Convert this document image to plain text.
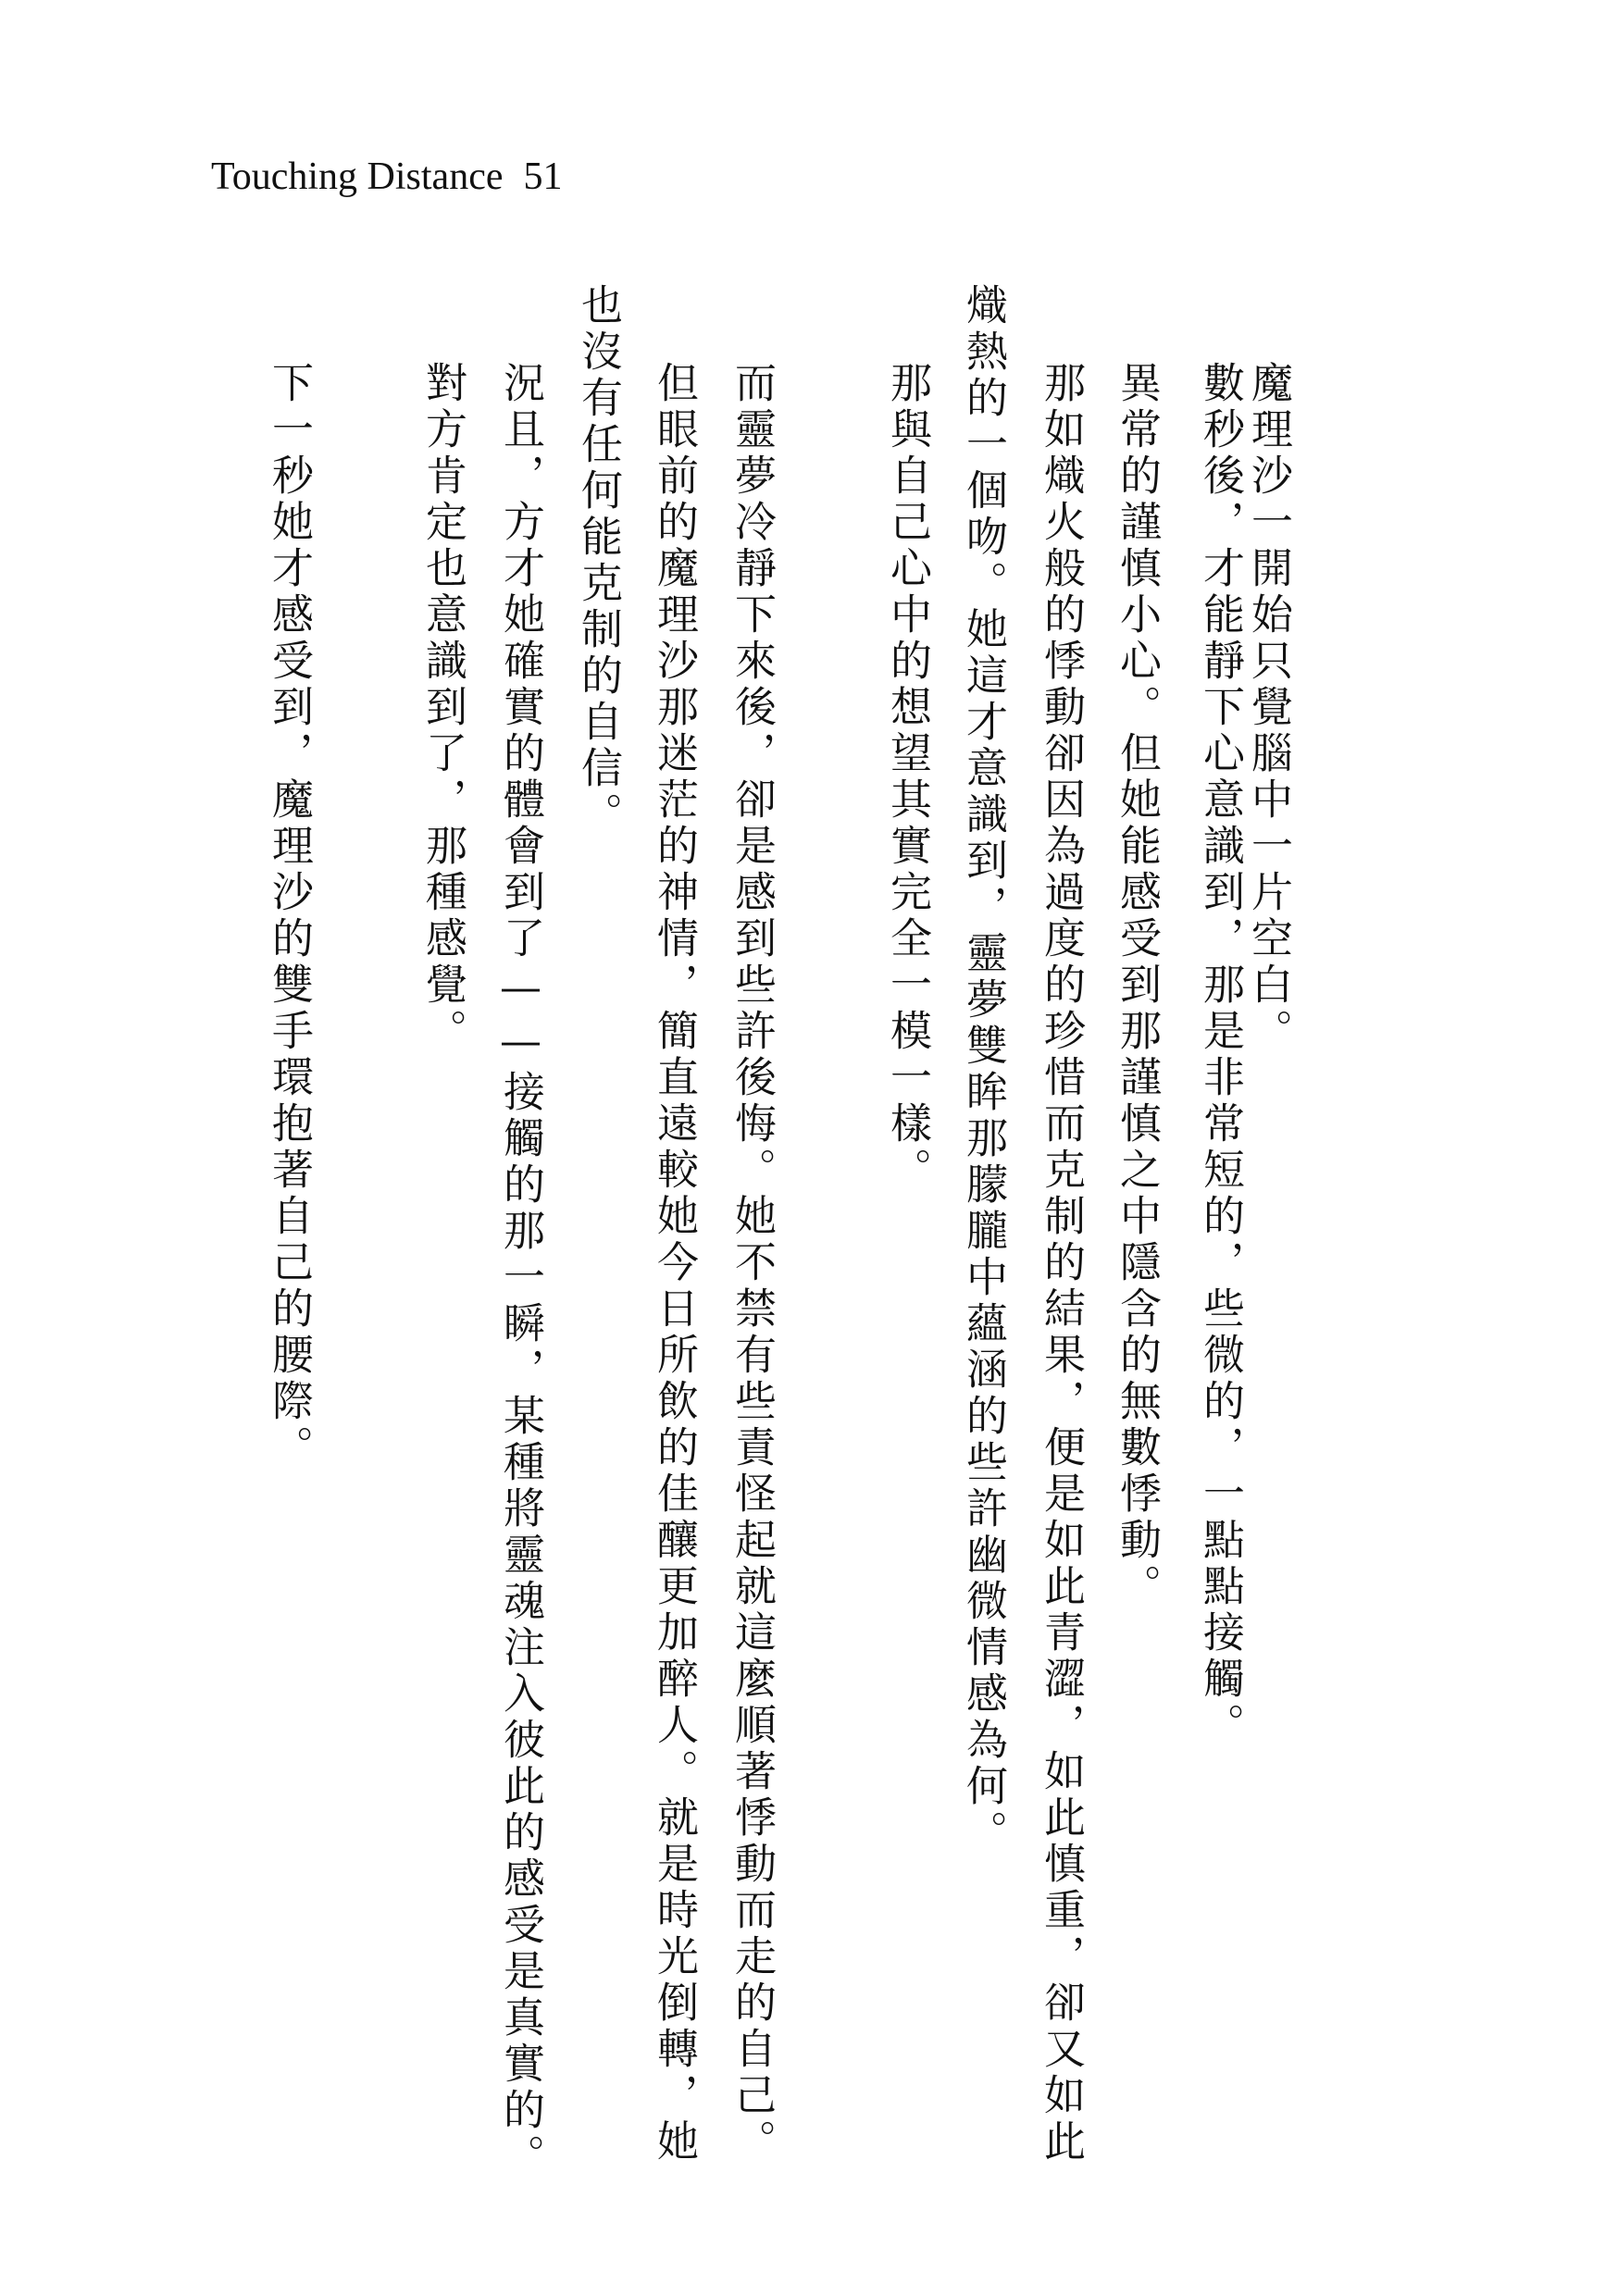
Touching Distance 51
魔理沙一開始只覺腦中一片空白。
數秒後，才能靜下心意識到，那是非常短的，些微的，一點點接觸。
異常的謹慎小心。但她能感受到那謹慎之中隱含的無數悸動。
那如熾火般的悸動卻因為過度的珍惜而克制的結果，便是如此青澀，如此慎重，卻又如此
熾熱的一個吻。她這才意識到，靈夢雙眸那朦朧中蘊涵的些許幽微情感為何。
那與自己心中的想望其實完全一模一樣。
而靈夢冷靜下來後，卻是感到些許後悔。她不禁有些責怪起就這麼順著悸動而走的自己。
但眼前的魔理沙那迷茫的神情，簡直遠較她今日所飲的佳釀更加醉人。就是時光倒轉，她
也沒有任何能克制的自信。
況且，方才她確實的體會到了——接觸的那一瞬，某種將靈魂注入彼此的感受是真實的。
對方肯定也意識到了，那種感覺。
下一秒她才感受到，魔理沙的雙手環抱著自己的腰際。
